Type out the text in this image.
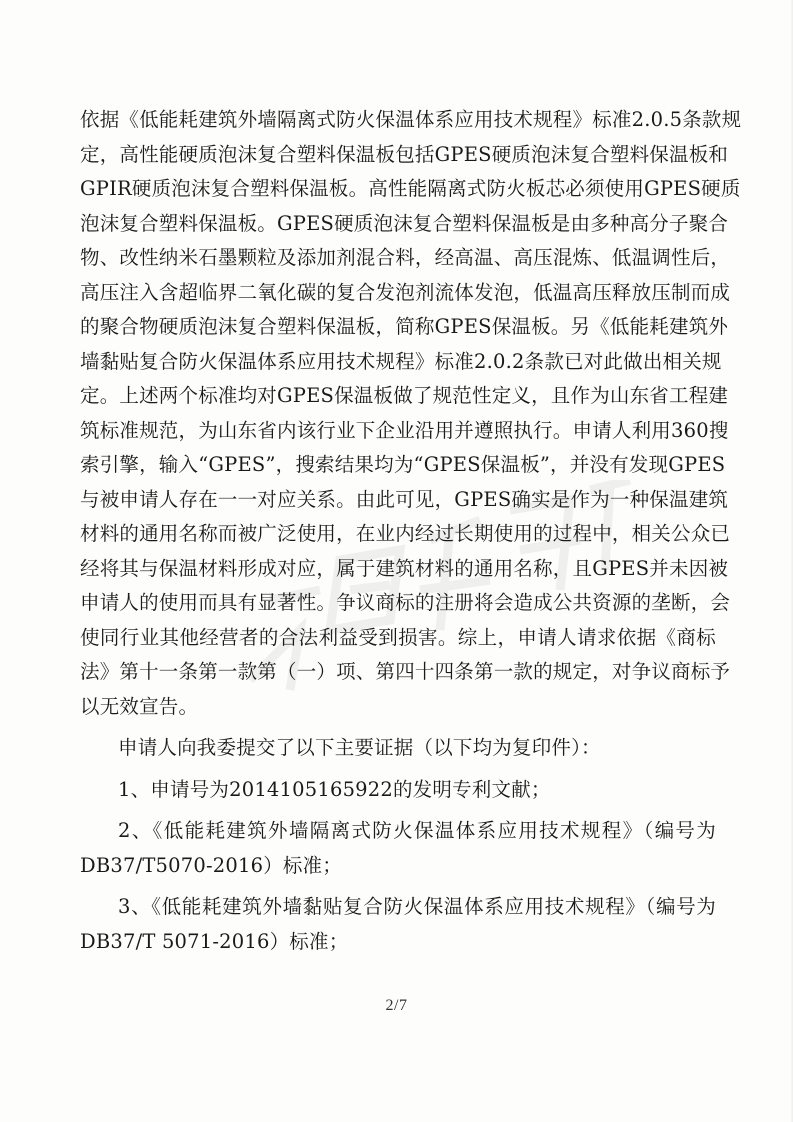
依据《低能耗建筑外墙隔离式防火保温体系应用技术规程》标准2.0.5条款规
定，高性能硬质泡沫复合塑料保温板包括GPES硬质泡沫复合塑料保温板和
GPIR硬质泡沫复合塑料保温板。高性能隔离式防火板芯必须使用GPES硬质
泡沫复合塑料保温板。GPES硬质泡沫复合塑料保温板是由多种高分子聚合
物、改性纳米石墨颗粒及添加剂混合料，经高温、高压混炼、低温调性后，
高压注入含超临界二氧化碳的复合发泡剂流体发泡，低温高压释放压制而成
的聚合物硬质泡沫复合塑料保温板，简称GPES保温板。另《低能耗建筑外
墙黏贴复合防火保温体系应用技术规程》标准2.0.2条款已对此做出相关规
定。上述两个标准均对GPES保温板做了规范性定义，且作为山东省工程建
筑标准规范，为山东省内该行业下企业沿用并遵照执行。申请人利用360搜
索引擎，输入“GPES”，搜索结果均为“GPES保温板”，并没有发现GPES
与被申请人存在一一对应关系。由此可见，GPES确实是作为一种保温建筑
材料的通用名称而被广泛使用，在业内经过长期使用的过程中，相关公众已
经将其与保温材料形成对应，属于建筑材料的通用名称，且GPES并未因被
申请人的使用而具有显著性。争议商标的注册将会造成公共资源的垄断，会
使同行业其他经营者的合法利益受到损害。综上，申请人请求依据《商标
法》第十一条第一款第（一）项、第四十四条第一款的规定，对争议商标予
以无效宣告。
申请人向我委提交了以下主要证据（以下均为复印件）：
1、申请号为2014105165922的发明专利文献；
2、《低能耗建筑外墙隔离式防火保温体系应用技术规程》（编号为
DB37/T5070-2016）标准；
3、《低能耗建筑外墙黏贴复合防火保温体系应用技术规程》（编号为
DB37/T 5071-2016）标准；
2/7
